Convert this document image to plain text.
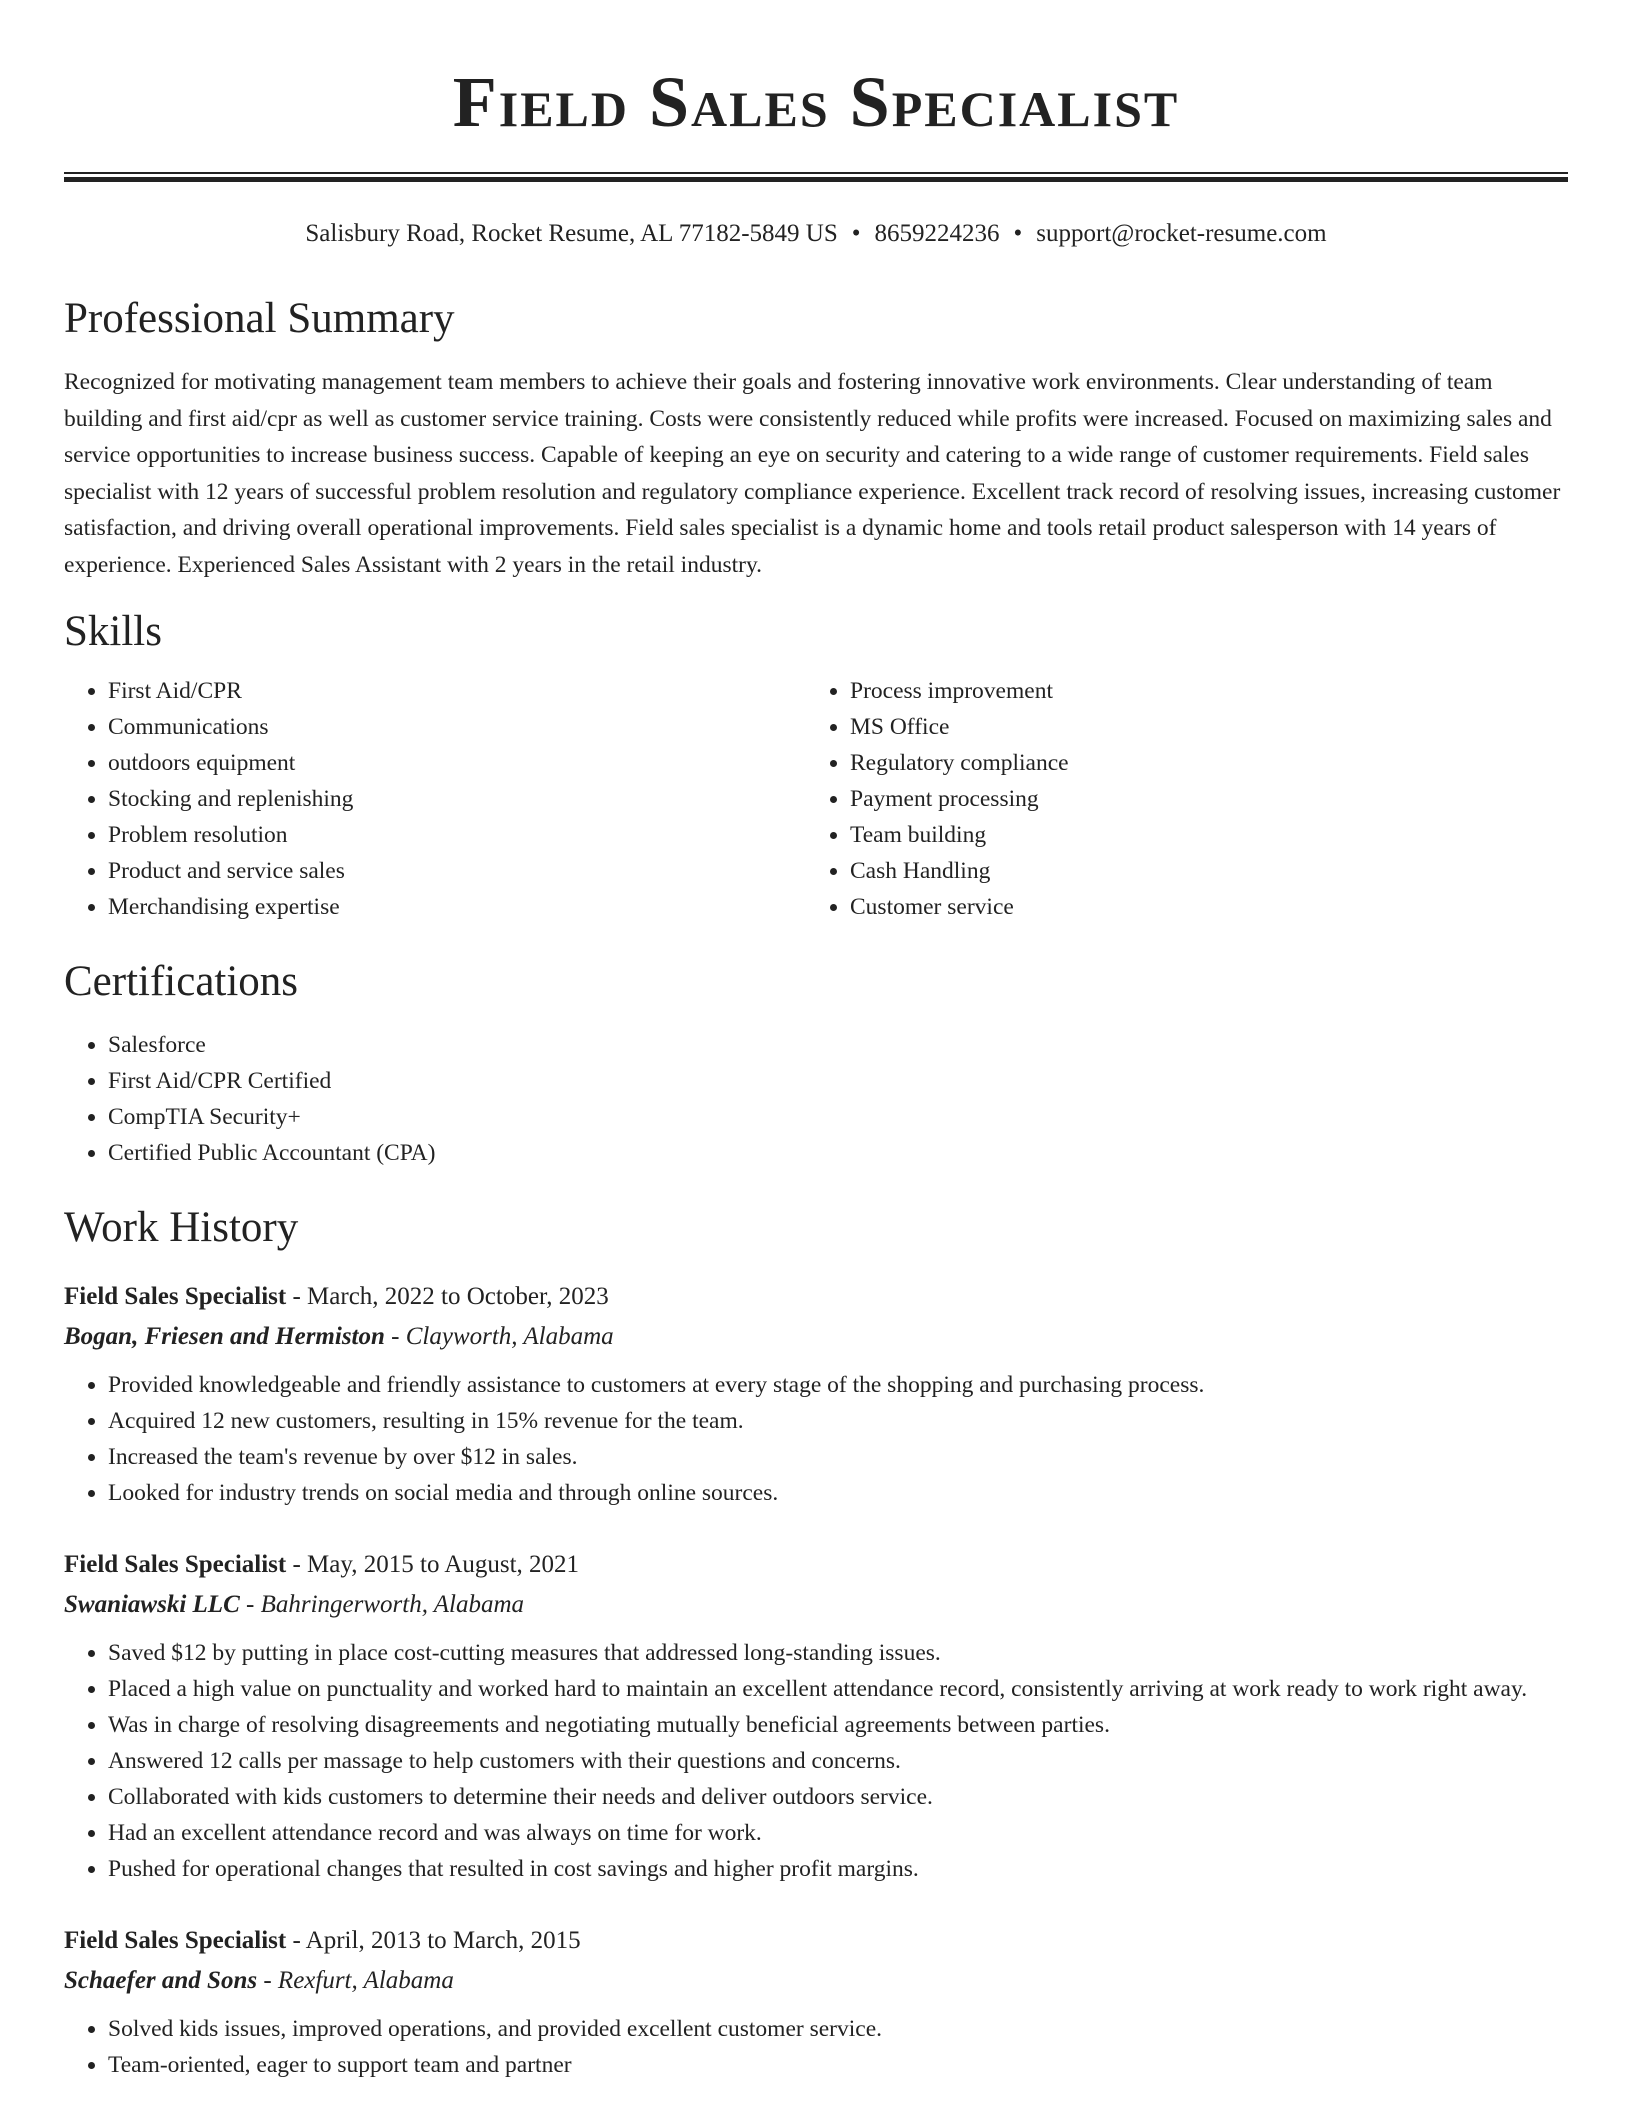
Field Sales Specialist
Salisbury Road, Rocket Resume, AL 77182-5849 US • 8659224236 • support@rocket-resume.com
Professional Summary

Recognized for motivating management team members to achieve their goals and fostering innovative work environments. Clear understanding of team building and first aid/cpr as well as customer service training. Costs were consistently reduced while profits were increased. Focused on maximizing sales and service opportunities to increase business success. Capable of keeping an eye on security and catering to a wide range of customer requirements. Field sales specialist with 12 years of successful problem resolution and regulatory compliance experience. Excellent track record of resolving issues, increasing customer satisfaction, and driving overall operational improvements. Field sales specialist is a dynamic home and tools retail product salesperson with 14 years of experience. Experienced Sales Assistant with 2 years in the retail industry.

Skills
• First Aid/CPR
• Communications
• outdoors equipment
• Stocking and replenishing
• Problem resolution
• Product and service sales
• Merchandising expertise
• Process improvement
• MS Office
• Regulatory compliance
• Payment processing
• Team building
• Cash Handling
• Customer service
Certifications
• Salesforce
• First Aid/CPR Certified
• CompTIA Security+
• Certified Public Accountant (CPA)
Work History
Field Sales Specialist - March, 2022 to October, 2023
Bogan, Friesen and Hermiston - Clayworth, Alabama
• Provided knowledgeable and friendly assistance to customers at every stage of the shopping and purchasing process.
• Acquired 12 new customers, resulting in 15% revenue for the team.
• Increased the team's revenue by over $12 in sales.
• Looked for industry trends on social media and through online sources.
Field Sales Specialist - May, 2015 to August, 2021
Swaniawski LLC - Bahringerworth, Alabama
• Saved $12 by putting in place cost-cutting measures that addressed long-standing issues.
• Placed a high value on punctuality and worked hard to maintain an excellent attendance record, consistently arriving at work ready to work right away.
• Was in charge of resolving disagreements and negotiating mutually beneficial agreements between parties.
• Answered 12 calls per massage to help customers with their questions and concerns.
• Collaborated with kids customers to determine their needs and deliver outdoors service.
• Had an excellent attendance record and was always on time for work.
• Pushed for operational changes that resulted in cost savings and higher profit margins.
Field Sales Specialist - April, 2013 to March, 2015
Schaefer and Sons - Rexfurt, Alabama
• Solved kids issues, improved operations, and provided excellent customer service.
• Team-oriented, eager to support team and partner
